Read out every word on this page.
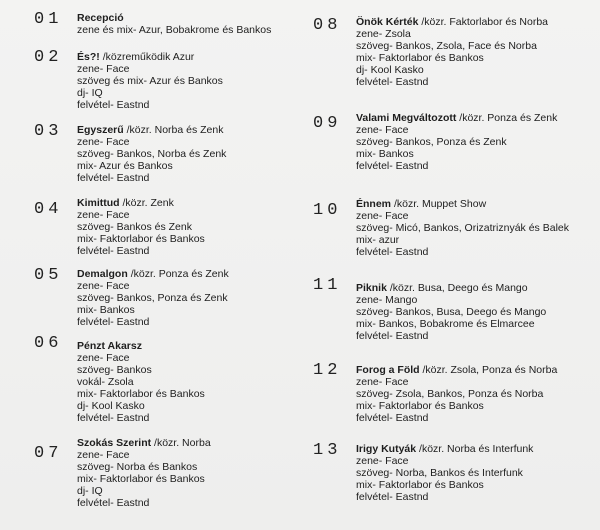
01 Recepció
zene és mix- Azur, Bobakrome és Bankos
02 És?! /közreműködik Azur
zene- Face
szöveg és mix- Azur és Bankos
dj- IQ
felvétel- Eastnd
03 Egyszerű /közr. Norba és Zenk
zene- Face
szöveg- Bankos, Norba és Zenk
mix- Azur és Bankos
felvétel- Eastnd
04 Kimittud /közr. Zenk
zene- Face
szöveg- Bankos és Zenk
mix- Faktorlabor és Bankos
felvétel- Eastnd
05 Demalgon /közr. Ponza és Zenk
zene- Face
szöveg- Bankos, Ponza és Zenk
mix- Bankos
felvétel- Eastnd
06 Pénzt Akarsz
zene- Face
szöveg- Bankos
vokál- Zsola
mix- Faktorlabor és Bankos
dj- Kool Kasko
felvétel- Eastnd
07
Szokás Szerint /közr. Norba
zene- Face
szöveg- Norba és Bankos
mix- Faktorlabor és Bankos
dj- IQ
felvétel- Eastnd
08 Önök Kérték /közr. Faktorlabor és Norba
zene- Zsola
szöveg- Bankos, Zsola, Face és Norba
mix- Faktorlabor és Bankos
dj- Kool Kasko
felvétel- Eastnd
09 Valami Megváltozott /közr. Ponza és Zenk
zene- Face
szöveg- Bankos, Ponza és Zenk
mix- Bankos
felvétel- Eastnd
10 Énnem /közr. Muppet Show
zene- Face
szöveg- Micó, Bankos, Orizatriznyák és Balek
mix- azur
felvétel- Eastnd
11 Piknik /közr. Busa, Deego és Mango
zene- Mango
szöveg- Bankos, Busa, Deego és Mango
mix- Bankos, Bobakrome és Elmarcee
felvétel- Eastnd
12 Forog a Föld /közr. Zsola, Ponza és Norba
zene- Face
szöveg- Zsola, Bankos, Ponza és Norba
mix- Faktorlabor és Bankos
felvétel- Eastnd
13 Irigy Kutyák /közr. Norba és Interfunk
zene- Face
szöveg- Norba, Bankos és Interfunk
mix- Faktorlabor és Bankos
felvétel- Eastnd
